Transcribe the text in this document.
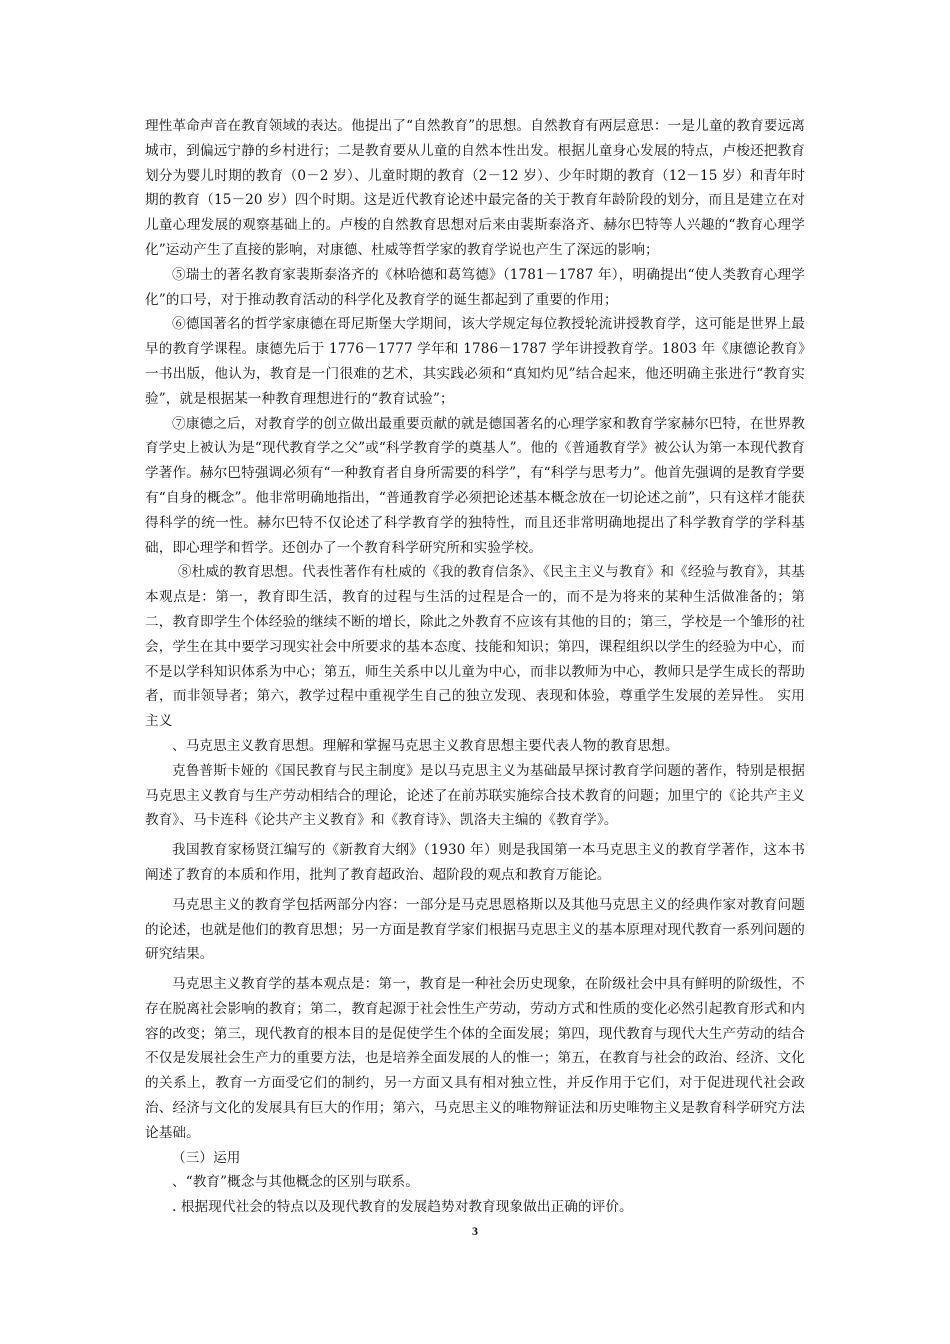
理性革命声音在教育领域的表达。他提出了“自然教育”的思想。自然教育有两层意思：一是儿童的教育要远离城市，到偏远宁静的乡村进行；二是教育要从儿童的自然本性出发。根据儿童身心发展的特点，卢梭还把教育划分为婴儿时期的教育（0－2 岁）、儿童时期的教育（2－12 岁）、少年时期的教育（12－15 岁）和青年时期的教育（15－20 岁）四个时期。这是近代教育论述中最完备的关于教育年龄阶段的划分，而且是建立在对儿童心理发展的观察基础上的。卢梭的自然教育思想对后来由裴斯泰洛齐、赫尔巴特等人兴趣的“教育心理学化”运动产生了直接的影响，对康德、杜威等哲学家的教育学说也产生了深远的影响；

⑤瑞士的著名教育家裴斯泰洛齐的《林哈德和葛笃德》（1781－1787 年），明确提出“使人类教育心理学化”的口号，对于推动教育活动的科学化及教育学的诞生都起到了重要的作用；

⑥德国著名的哲学家康德在哥尼斯堡大学期间，该大学规定每位教授轮流讲授教育学，这可能是世界上最早的教育学课程。康德先后于 1776－1777 学年和 1786－1787 学年讲授教育学。1803 年《康德论教育》一书出版，他认为，教育是一门很难的艺术，其实践必须和“真知灼见”结合起来，他还明确主张进行“教育实验”，就是根据某一种教育理想进行的“教育试验”；

⑦康德之后，对教育学的创立做出最重要贡献的就是德国著名的心理学家和教育学家赫尔巴特，在世界教育学史上被认为是“现代教育学之父”或“科学教育学的奠基人”。他的《普通教育学》被公认为第一本现代教育学著作。赫尔巴特强调必须有“一种教育者自身所需要的科学”，有“科学与思考力”。他首先强调的是教育学要有“自身的概念”。他非常明确地指出，“普通教育学必须把论述基本概念放在一切论述之前”，只有这样才能获得科学的统一性。赫尔巴特不仅论述了科学教育学的独特性，而且还非常明确地提出了科学教育学的学科基础，即心理学和哲学。还创办了一个教育科学研究所和实验学校。

⑧杜威的教育思想。代表性著作有杜威的《我的教育信条》、《民主主义与教育》和《经验与教育》，其基本观点是：第一，教育即生活，教育的过程与生活的过程是合一的，而不是为将来的某种生活做准备的；第二，教育即学生个体经验的继续不断的增长，除此之外教育不应该有其他的目的；第三，学校是一个雏形的社会，学生在其中要学习现实社会中所要求的基本态度、技能和知识；第四，课程组织以学生的经验为中心，而不是以学科知识体系为中心；第五，师生关系中以儿童为中心，而非以教师为中心，教师只是学生成长的帮助者，而非领导者；第六，教学过程中重视学生自己的独立发现、表现和体验，尊重学生发展的差异性。 实用主义

、马克思主义教育思想。理解和掌握马克思主义教育思想主要代表人物的教育思想。

克鲁普斯卡娅的《国民教育与民主制度》是以马克思主义为基础最早探讨教育学问题的著作，特别是根据马克思主义教育与生产劳动相结合的理论，论述了在前苏联实施综合技术教育的问题；加里宁的《论共产主义教育》、马卡连科《论共产主义教育》和《教育诗》、凯洛夫主编的《教育学》。

我国教育家杨贤江编写的《新教育大纲》（1930 年）则是我国第一本马克思主义的教育学著作，这本书阐述了教育的本质和作用，批判了教育超政治、超阶段的观点和教育万能论。

马克思主义的教育学包括两部分内容：一部分是马克思恩格斯以及其他马克思主义的经典作家对教育问题的论述，也就是他们的教育思想；另一方面是教育学家们根据马克思主义的基本原理对现代教育一系列问题的研究结果。

马克思主义教育学的基本观点是：第一，教育是一种社会历史现象，在阶级社会中具有鲜明的阶级性，不存在脱离社会影响的教育；第二，教育起源于社会性生产劳动，劳动方式和性质的变化必然引起教育形式和内容的改变；第三，现代教育的根本目的是促使学生个体的全面发展；第四，现代教育与现代大生产劳动的结合不仅是发展社会生产力的重要方法，也是培养全面发展的人的惟一；第五，在教育与社会的政治、经济、文化的关系上，教育一方面受它们的制约，另一方面又具有相对独立性，并反作用于它们，对于促进现代社会政治、经济与文化的发展具有巨大的作用；第六，马克思主义的唯物辩证法和历史唯物主义是教育科学研究方法论基础。

（三）运用

、“教育”概念与其他概念的区别与联系。

. 根据现代社会的特点以及现代教育的发展趋势对教育现象做出正确的评价。

3
